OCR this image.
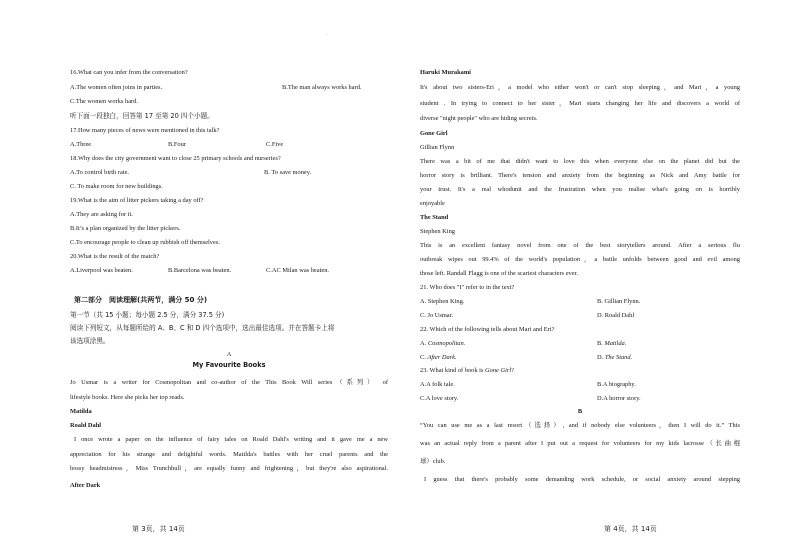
·
16.What can you infer from the conversation?
A.The women often joins in parties.	B.The man always works hard.
C.The women works hard.
听下面一段独白，回答第 17 至第 20 四个小题。
17.How many pieces of news were mentioned in this talk?
A.Three	B.Four	C.Five
18.Why does the city government want to close 25 primary schools and nurseries?
A.To control birth rate.	B. To save money.
C. To make room for new buildings.
19.What is the aim of litter pickers taking a day off?
A.They are asking for it.
B.It’s a plan organized by the litter pickers.
C.To encourage people to clean up rubbish off themselves.
20.What is the result of the match?
A.Liverpool was beaten.	B.Barcelona was beaten.	C.AC Milan was beaten.
第二部分　阅读理解(共两节，满分 50 分)
第一节（共 15 小题；每小题 2.5 分，满分 37.5 分)
阅读下列短文，从每题所给的 A、B、C 和 D 四个选项中，选出最佳选项。并在答题卡上将
该选项涂黑。
A
My Favourite Books
Jo Usmar is a writer for Cosmopolitan and co-author of the This Book Will series（系列） of
lifestyle books. Here she picks her top reads.
Matilda
Roald Dahl
I once wrote a paper on the influence of fairy tales on Roald Dahl's writing and it gave me a new
appreciation for his strange and delightful words. Matilda's battles with her cruel parents and the
bossy headmistress，Miss Trunchbull，are equally funny and frightening，but they're also aspirational.
After Dark
第 3页，共 14页
Haruki Murakami
It's about two sisters-Eri，a model who either won't or can't stop sleeping，and Mari，a young
student . In trying to connect to her sister，Mari starts changing her life and discovers a world of
diverse "night people" who are hiding secrets.
Gone Girl
Gillian Flynn
There was a bit of me that didn't want to love this when everyone else on the planet did but the
horror story is brilliant. There's tension and anxiety from the beginning as Nick and Amy battle for
your trust. It's a real whodunit and the frustration when you realise what's going on is horribly
enjoyable
The Stand
Stephen King
This is an excellent fantasy novel from one of the best storytellers around. After a serious flu
outbreak wipes out 99.4% of the world's population，a battle unfolds between good and evil among
those left. Randall Flagg is one of the scariest characters ever.
21. Who does "I" refer to in the text?
A. Stephen King.	B. Gillian Flynn.
C. Jo Usmar.	D. Roald Dahl
22. Which of the following tells about Mari and Eri?
A. Cosmopolitan.	B. Matilda.
C. After Dark.	D. The Stand.
23. What kind of book is Gone Girl?
A.A folk tale.	B.A biography.
C.A love story.	D.A horror story.
B
“You can use me as a last resort（选择）, and if nobody else volunteers，then I will do it.” This
was an actual reply from a parent after I put out a request for volunteers for my kids lacrosse（长曲棍
球）club.
I guess that there's probably some demanding work schedule, or social anxiety around stepping
第 4页，共 14页
